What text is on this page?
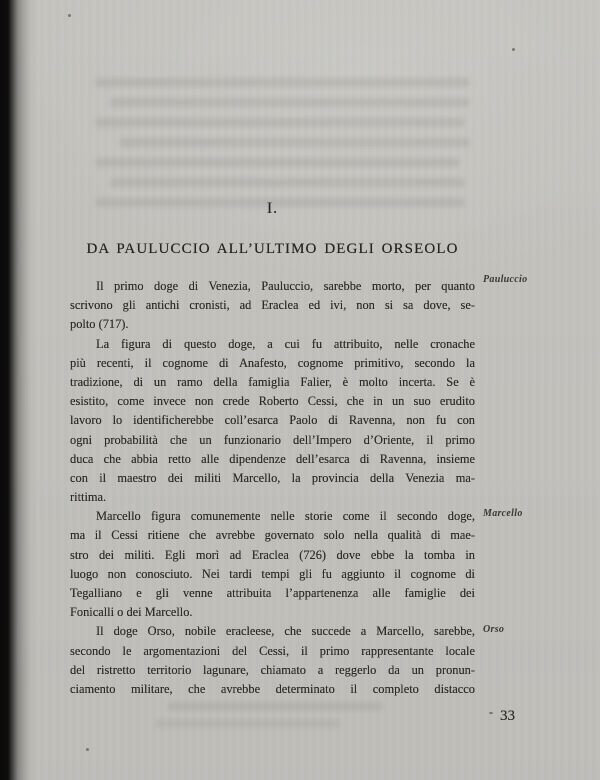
I.
DA PAULUCCIO ALL’ULTIMO DEGLI ORSEOLO
Il primo doge di Venezia, Pauluccio, sarebbe morto, per quanto
scrivono gli antichi cronisti, ad Eraclea ed ivi, non si sa dove, se-
polto (717).
La figura di questo doge, a cui fu attribuito, nelle cronache
più recenti, il cognome di Anafesto, cognome primitivo, secondo la
tradizione, di un ramo della famiglia Falier, è molto incerta. Se è
esistito, come invece non crede Roberto Cessi, che in un suo erudito
lavoro lo identificherebbe coll’esarca Paolo di Ravenna, non fu con
ogni probabilità che un funzionario dell’Impero d’Oriente, il primo
duca che abbia retto alle dipendenze dell’esarca di Ravenna, insieme
con il maestro dei militi Marcello, la provincia della Venezia ma-
rittima.
Marcello figura comunemente nelle storie come il secondo doge,
ma il Cessi ritiene che avrebbe governato solo nella qualità di mae-
stro dei militi. Egli morì ad Eraclea (726) dove ebbe la tomba in
luogo non conosciuto. Nei tardi tempi gli fu aggiunto il cognome di
Tegalliano e gli venne attribuita l’appartenenza alle famiglie dei
Fonicalli o dei Marcello.
Il doge Orso, nobile eracleese, che succede a Marcello, sarebbe,
secondo le argomentazioni del Cessi, il primo rappresentante locale
del ristretto territorio lagunare, chiamato a reggerlo da un pronun-
ciamento militare, che avrebbe determinato il completo distacco
Pauluccio
Marcello
Orso
- 33
